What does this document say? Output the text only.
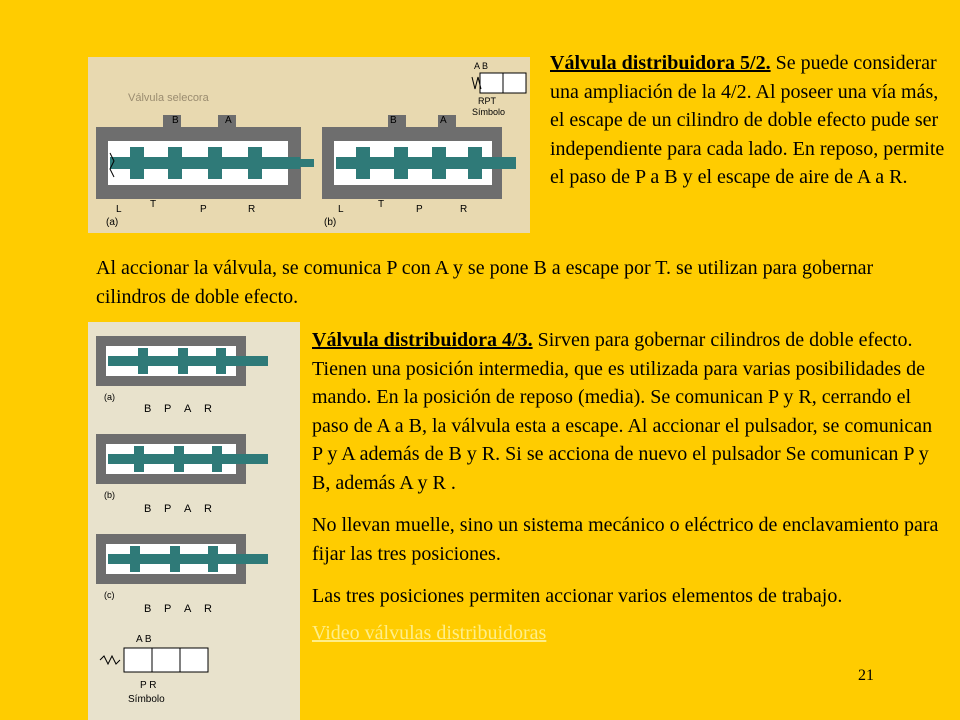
Válvula selecora
B	A
L	T	P	R
(a)
B	A
L	T	P	R
(b)
A B
RPT
Símbolo
Válvula distribuidora 5/2. Se puede considerar una ampliación de la 4/2. Al poseer una vía más, el escape de un cilindro de doble efecto pude ser independiente para cada lado. En reposo, permite el paso de P a B y el escape de aire de A a R.
Al accionar la válvula, se comunica P con A y se pone B a escape por T. se utilizan para gobernar cilindros de doble efecto.
(a)
B P A R
(b)
B P A R
(c)
B P A R
A B
P R
Símbolo

Válvula distribuidora 4/3. Sirven para gobernar cilindros de doble efecto. Tienen una posición intermedia, que es utilizada para varias posibilidades de mando. En la posición de reposo (media). Se comunican P y R, cerrando el paso de A a B, la válvula esta a escape. Al accionar el pulsador, se comunican P y A además de B y R. Si se acciona de nuevo el pulsador Se comunican P y B, además A y R .

No llevan muelle, sino un sistema mecánico o eléctrico de enclavamiento para fijar las tres posiciones.

Las tres posiciones permiten accionar varios elementos de trabajo.

Video válvulas distribuidoras

21
